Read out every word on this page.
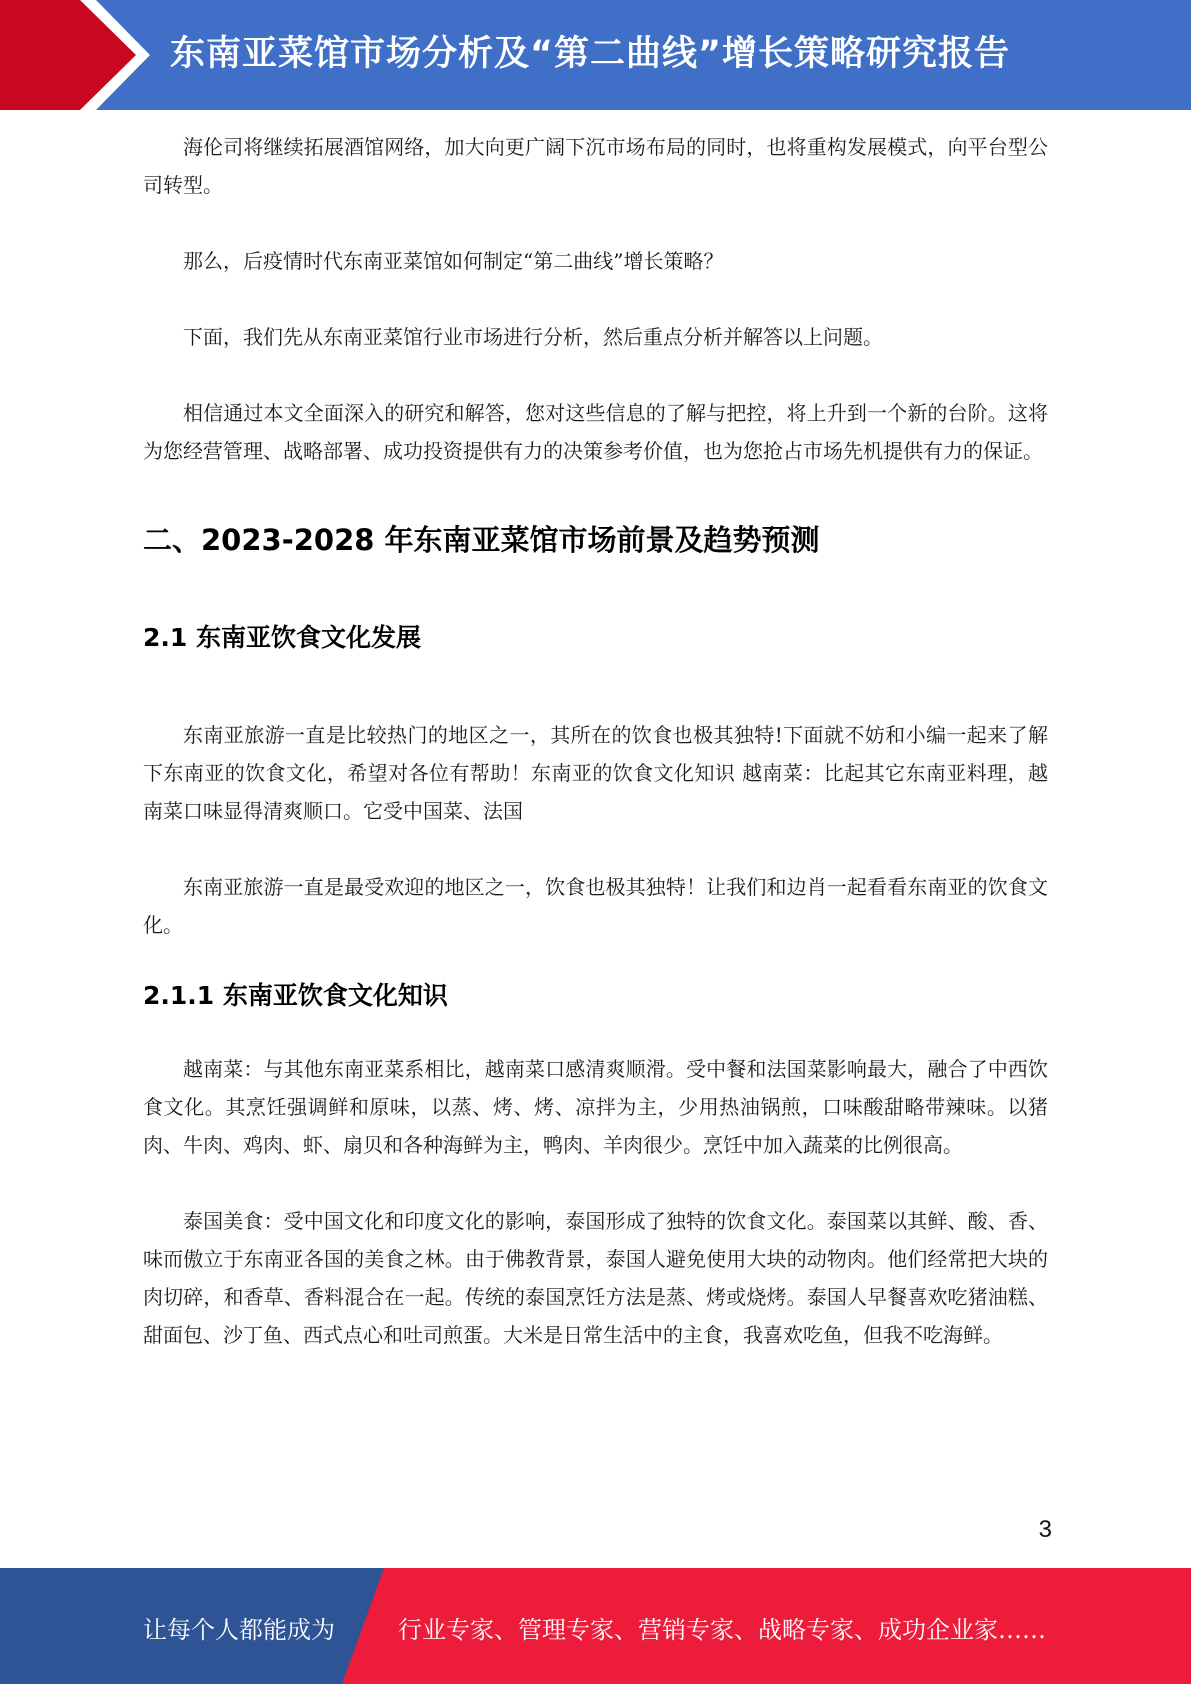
东南亚菜馆市场分析及“第二曲线”增长策略研究报告

海伦司将继续拓展酒馆网络，加大向更广阔下沉市场布局的同时，也将重构发展模式，向平台型公司转型。

那么，后疫情时代东南亚菜馆如何制定“第二曲线”增长策略？

下面，我们先从东南亚菜馆行业市场进行分析，然后重点分析并解答以上问题。

相信通过本文全面深入的研究和解答，您对这些信息的了解与把控，将上升到一个新的台阶。这将为您经营管理、战略部署、成功投资提供有力的决策参考价值，也为您抢占市场先机提供有力的保证。

二、2023-2028 年东南亚菜馆市场前景及趋势预测
2.1 东南亚饮食文化发展

东南亚旅游一直是比较热门的地区之一，其所在的饮食也极其独特!下面就不妨和小编一起来了解下东南亚的饮食文化，希望对各位有帮助！东南亚的饮食文化知识 越南菜：比起其它东南亚料理，越南菜口味显得清爽顺口。它受中国菜、法国

东南亚旅游一直是最受欢迎的地区之一，饮食也极其独特！让我们和边肖一起看看东南亚的饮食文化。

2.1.1 东南亚饮食文化知识

越南菜：与其他东南亚菜系相比，越南菜口感清爽顺滑。受中餐和法国菜影响最大，融合了中西饮食文化。其烹饪强调鲜和原味，以蒸、烤、烤、凉拌为主，少用热油锅煎，口味酸甜略带辣味。以猪肉、牛肉、鸡肉、虾、扇贝和各种海鲜为主，鸭肉、羊肉很少。烹饪中加入蔬菜的比例很高。

泰国美食：受中国文化和印度文化的影响，泰国形成了独特的饮食文化。泰国菜以其鲜、酸、香、味而傲立于东南亚各国的美食之林。由于佛教背景，泰国人避免使用大块的动物肉。他们经常把大块的肉切碎，和香草、香料混合在一起。传统的泰国烹饪方法是蒸、烤或烧烤。泰国人早餐喜欢吃猪油糕、甜面包、沙丁鱼、西式点心和吐司煎蛋。大米是日常生活中的主食，我喜欢吃鱼，但我不吃海鲜。

3
让每个人都能成为	行业专家、管理专家、营销专家、战略专家、成功企业家……
